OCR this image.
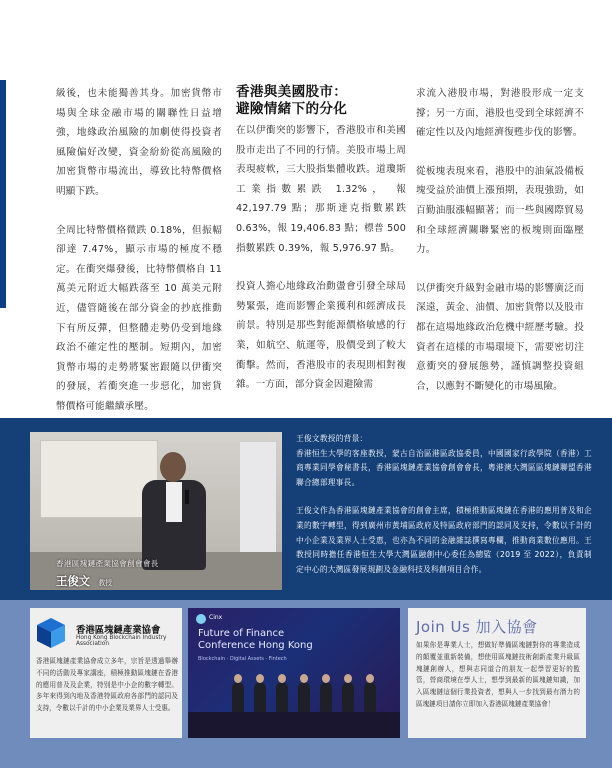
級後，也未能獨善其身。加密貨幣市場與全球金融市場的關聯性日益增強，地緣政治風險的加劇使得投資者風險偏好改變，資金紛紛從高風險的加密貨幣市場流出，導致比特幣價格明顯下跌。

全周比特幣價格微跌 0.18%，但振幅卻達 7.47%，顯示市場的極度不穩定。在衝突爆發後，比特幣價格自 11 萬美元附近大幅跌落至 10 萬美元附近，儘管隨後在部分資金的抄底推動下有所反彈，但整體走勢仍受到地緣政治不確定性的壓制。短期內，加密貨幣市場的走勢將緊密跟隨以伊衝突的發展，若衝突進一步惡化，加密貨幣價格可能繼續承壓。

香港與美國股市：
避險情緒下的分化

在以伊衝突的影響下，香港股市和美國股市走出了不同的行情。美股市場上周表現疲軟，三大股指集體收跌。道瓊斯工業指數累跌 1.32%， 報 42,197.79 點；那斯達克指數累跌 0.63%，報 19,406.83 點；標普 500 指數累跌 0.39%，報 5,976.97 點。

投資人擔心地緣政治動盪會引發全球局勢緊張，進而影響企業獲利和經濟成長前景。特別是那些對能源價格敏感的行業，如航空、航運等，股價受到了較大衝擊。然而，香港股市的表現則相對複雜。一方面，部分資金因避險需

求流入港股市場，對港股形成一定支撐；另一方面，港股也受到全球經濟不確定性以及內地經濟復甦步伐的影響。

從板塊表現來看，港股中的油氣設備板塊受益於油價上漲預期，表現強勁，如百勤油服漲幅顯著；而一些與國際貿易和全球經濟關聯緊密的板塊則面臨壓力。

以伊衝突升級對金融市場的影響廣泛而深遠，黃金、油價、加密貨幣以及股市都在這場地緣政治危機中經歷考驗。投資者在這樣的市場環境下，需要密切注意衝突的發展態勢，謹慎調整投資組合，以應對不斷變化的市場風險。

香港區塊鏈產業協會創會會長
王俊文 教授

王俊文教授的背景：

香港恒生大學的客座教授，蒙古自治區港區政協委員，中國國家行政學院（香港）工商專業同學會秘書長，香港區塊鏈產業協會創會會長，粵港澳大灣區區塊鏈聯盟香港聯合總部理事長。

王俊文作為香港區塊鏈產業協會的創會主席，積極推動區塊鏈在香港的應用普及和企業的數字轉型，得到廣州市黃埔區政府及特區政府部門的認同及支持，令數以千計的中小企業及業界人士受惠，也亦為不同的金融雜誌撰寫專欄，推動商業數位應用。王教授同時擔任香港恒生大學大灣區融創中心委任為總監（2019 至 2022），負責制定中心的大灣區發展規劃及金融科技及科創項目合作。

香港區塊鏈產業協會
Hong Kong Blockchain Industry Association
香港區塊鏈產業協會成立多年，宗旨是透過舉辦不同的活動及專家講座，積極推動區塊鏈在香港的應用普及及企業，特別是中小企的數字轉型。多年來得到內地及香港特區政府各部門的認同及支持，令數以千計的中小企業及業界人士受惠。
Cinx
Future of Finance
Conference Hong Kong
Blockchain · Digital Assets · Fintech
Join Us 加入協會
如果你是專業人士，想做好準備區塊鏈對你的專業造成的顛覆並重新裝備，想使用區塊鏈技術創新產業升級區塊鏈創辦人，想與志同道合的朋友一起學習更好的監管，營商環境在學人士，想學到最新的區塊鏈知識，加入區塊鏈這個行業投資者，想與人一步找到最有潛力的區塊鏈項目請你立即加入香港區塊鏈產業協會！
